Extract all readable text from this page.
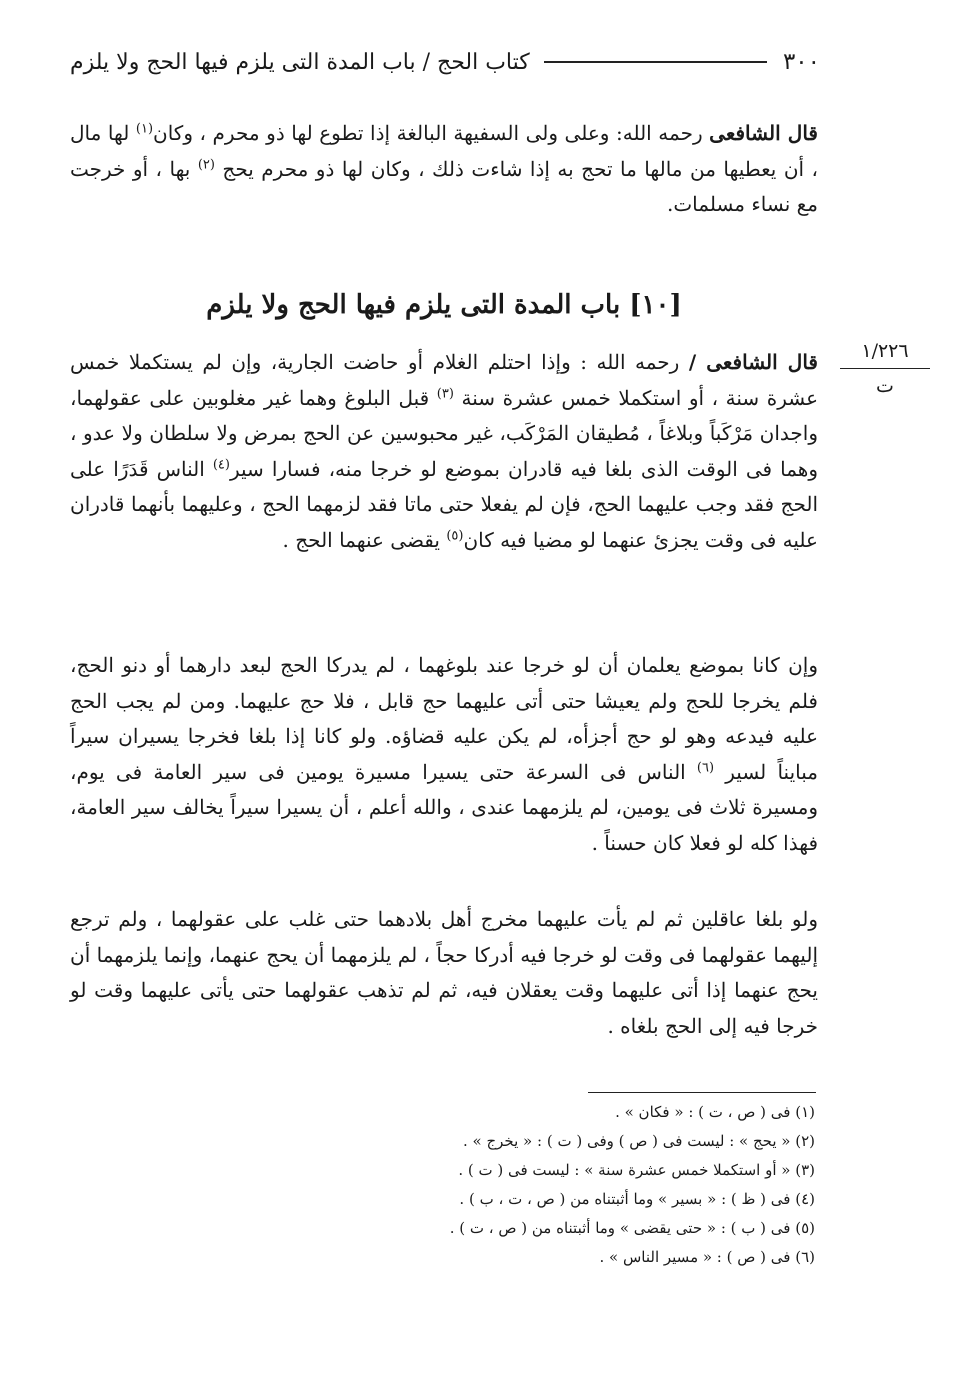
٣٠٠
كتاب الحج / باب المدة التى يلزم فيها الحج ولا يلزم

قال الشافعى رحمه الله: وعلى ولى السفيهة البالغة إذا تطوع لها ذو محرم ، وكان$^{(١)}$ لها مال ، أن يعطيها من مالها ما تحج به إذا شاءت ذلك ، وكان لها ذو محرم يحج $^{(٢)}$ بها ، أو خرجت مع نساء مسلمات.

[١٠] باب المدة التى يلزم فيها الحج ولا يلزم
١/٢٢٦
ت

قال الشافعى / رحمه الله : وإذا احتلم الغلام أو حاضت الجارية، وإن لم يستكملا خمس عشرة سنة ، أو استكملا خمس عشرة سنة $^{(٣)}$ قبل البلوغ وهما غير مغلوبين على عقولهما، واجدان مَرْكَباً وبلاغاً ، مُطيقان المَرْكَب، غير محبوسين عن الحج بمرض ولا سلطان ولا عدو ، وهما فى الوقت الذى بلغا فيه قادران بموضع لو خرجا منه، فسارا سير$^{(٤)}$ الناس قَدَرًا على الحج فقد وجب عليهما الحج، فإن لم يفعلا حتى ماتا فقد لزمهما الحج ، وعليهما بأنهما قادران عليه فى وقت يجزئ عنهما لو مضيا فيه كان$^{(٥)}$ يقضى عنهما الحج .

وإن كانا بموضع يعلمان أن لو خرجا عند بلوغهما ، لم يدركا الحج لبعد دارهما أو دنو الحج، فلم يخرجا للحج ولم يعيشا حتى أتى عليهما حج قابل ، فلا حج عليهما. ومن لم يجب الحج عليه فيدعه وهو لو حج أجزأه، لم يكن عليه قضاؤه. ولو كانا إذا بلغا فخرجا يسيران سيراً مبايناً لسير $^{(٦)}$ الناس فى السرعة حتى يسيرا مسيرة يومين فى سير العامة فى يوم، ومسيرة ثلاث فى يومين، لم يلزمهما عندى ، والله أعلم ، أن يسيرا سيراً يخالف سير العامة، فهذا كله لو فعلا كان حسناً .

ولو بلغا عاقلين ثم لم يأت عليهما مخرج أهل بلادهما حتى غلب على عقولهما ، ولم ترجع إليهما عقولهما فى وقت لو خرجا فيه أدركا حجاً ، لم يلزمهما أن يحج عنهما، وإنما يلزمهما أن يحج عنهما إذا أتى عليهما وقت يعقلان فيه، ثم لم تذهب عقولهما حتى يأتى عليهما وقت لو خرجا فيه إلى الحج بلغاه .

(١) فى ( ص ، ت ) : « فكان » .
(٢) « يحج » : ليست فى ( ص ) وفى ( ت ) : « يخرج » .
(٣) « أو استكملا خمس عشرة سنة » : ليست فى ( ت ) .
(٤) فى ( ظ ) : « بسير » وما أثبتناه من ( ص ، ت ، ب ) .
(٥) فى ( ب ) : « حتى يقضى » وما أثبتناه من ( ص ، ت ) .
(٦) فى ( ص ) : « مسير الناس » .
